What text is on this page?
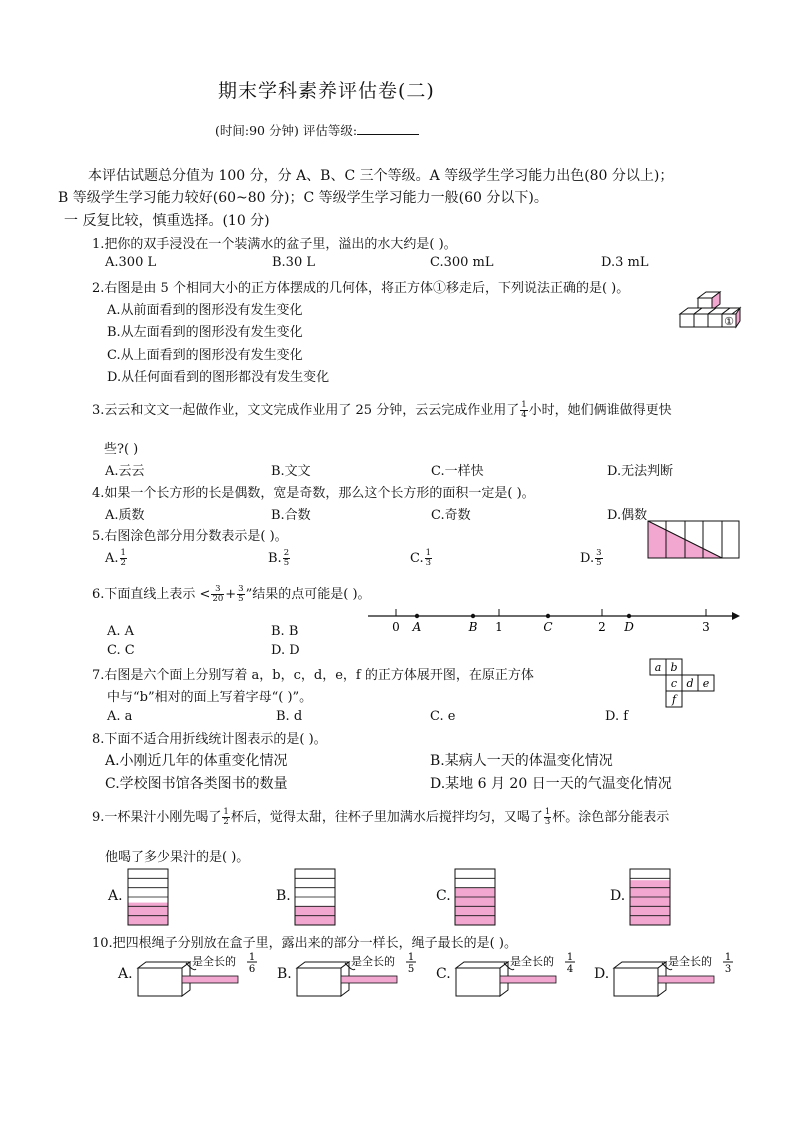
期末学科素养评估卷(二)
(时间:90 分钟) 评估等级:
本评估试题总分值为 100 分，分 A、B、C 三个等级。A 等级学生学习能力出色(80 分以上)；
B 等级学生学习能力较好(60~80 分)；C 等级学生学习能力一般(60 分以下)。
一 反复比较，慎重选择。(10 分)
1.把你的双手浸没在一个装满水的盆子里，溢出的水大约是( )。
A.300 L	B.30 L	C.300 mL	D.3 mL
2.右图是由 5 个相同大小的正方体摆成的几何体，将正方体①移走后，下列说法正确的是( )。
A.从前面看到的图形没有发生变化
B.从左面看到的图形没有发生变化
C.从上面看到的图形没有发生变化
D.从任何面看到的图形都没有发生变化
①
3.云云和文文一起做作业，文文完成作业用了 25 分钟，云云完成作业用了 $\frac{1}{4}$ 小时，她们俩谁做得更快
些?( )
A.云云	B.文文	C.一样快	D.无法判断
4.如果一个长方形的长是偶数，宽是奇数，那么这个长方形的面积一定是( )。
A.质数	B.合数	C.奇数	D.偶数
5.右图涂色部分用分数表示是( )。
A. $\frac{1}{2}$	B. $\frac{2}{5}$	C. $\frac{1}{3}$	D. $\frac{3}{5}$
6.下面直线上表示 < $\frac{3}{20} + \frac{3}{5}$ ”结果的点可能是( )。
0	1	2	3
A	B	C	D
A. A	B. B
C. C	D. D
7.右图是六个面上分别写着 a，b，c，d，e，f 的正方体展开图，在原正方体
中与“b”相对的面上写着字母“( )”。
a b
c d e
f
A. a	B. d	C. e	D. f
8.下面不适合用折线统计图表示的是( )。
A.小刚近几年的体重变化情况	B.某病人一天的体温变化情况
C.学校图书馆各类图书的数量	D.某地 6 月 20 日一天的气温变化情况
9.一杯果汁小刚先喝了 $\frac{1}{2}$ 杯后，觉得太甜，往杯子里加满水后搅拌均匀，又喝了 $\frac{1}{3}$ 杯。涂色部分能表示
他喝了多少果汁的是( )。
A.	B.	C.	D.
10.把四根绳子分别放在盒子里，露出来的部分一样长，绳子最长的是( )。
A.
是全长的 1
6 B.
是全长的 1
5 C.
是全长的 1
4 D.
是全长的 1
3
